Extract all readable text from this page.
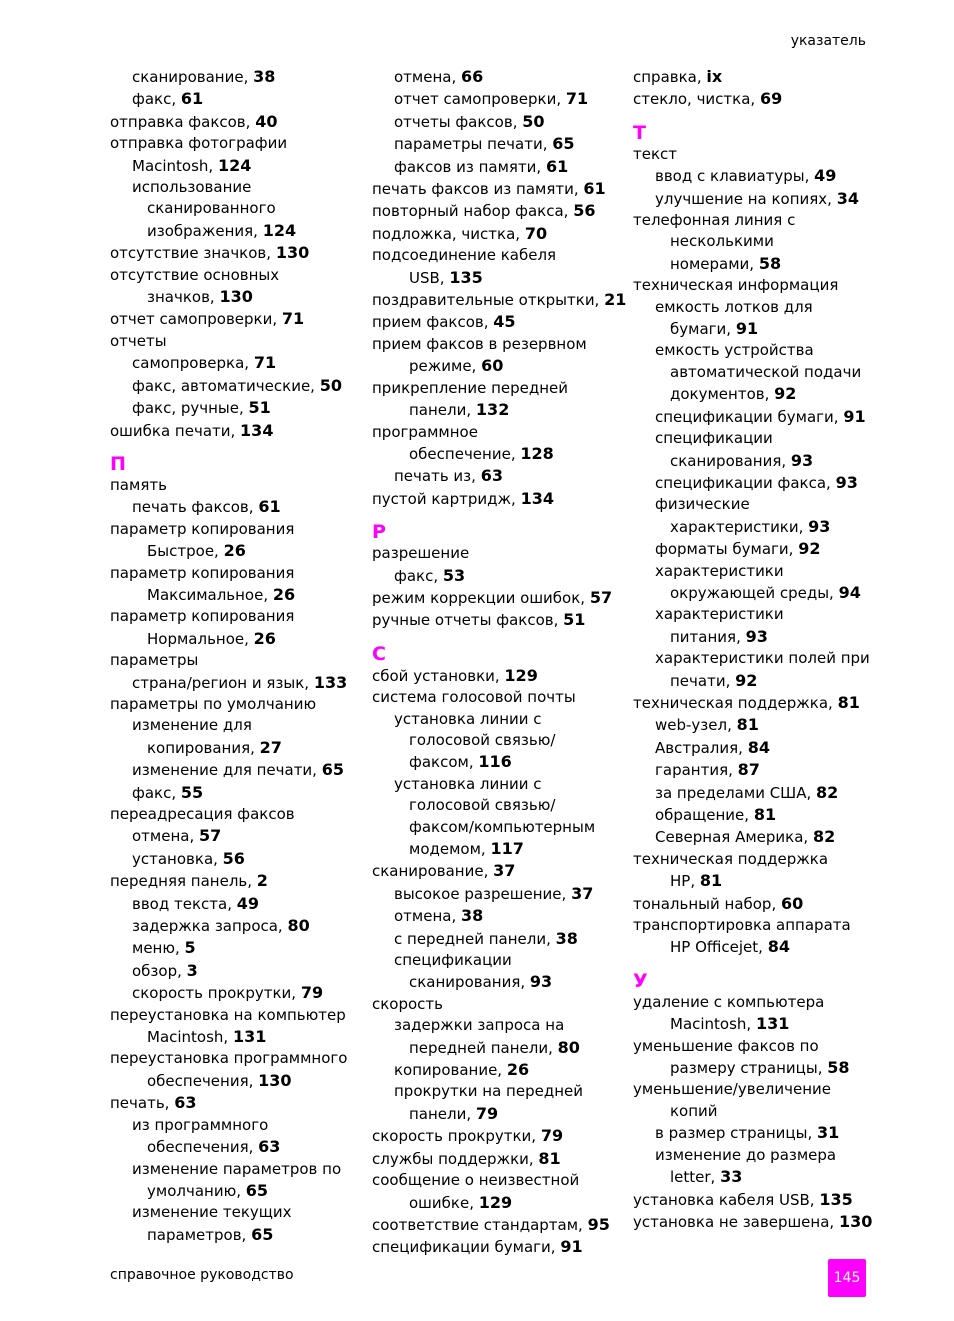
указатель
сканирование, 38
факс, 61
отправка факсов, 40
отправка фотографии
Macintosh, 124
использование
сканированного
изображения, 124
отсутствие значков, 130
отсутствие основных
значков, 130
отчет самопроверки, 71
отчеты
самопроверка, 71
факс, автоматические, 50
факс, ручные, 51
ошибка печати, 134
П
память
печать факсов, 61
параметр копирования
Быстрое, 26
параметр копирования
Максимальное, 26
параметр копирования
Нормальное, 26
параметры
страна/регион и язык, 133
параметры по умолчанию
изменение для
копирования, 27
изменение для печати, 65
факс, 55
переадресация факсов
отмена, 57
установка, 56
передняя панель, 2
ввод текста, 49
задержка запроса, 80
меню, 5
обзор, 3
скорость прокрутки, 79
переустановка на компьютер
Macintosh, 131
переустановка программного
обеспечения, 130
печать, 63
из программного
обеспечения, 63
изменение параметров по
умолчанию, 65
изменение текущих
параметров, 65
отмена, 66
отчет самопроверки, 71
отчеты факсов, 50
параметры печати, 65
факсов из памяти, 61
печать факсов из памяти, 61
повторный набор факса, 56
подложка, чистка, 70
подсоединение кабеля
USB, 135
поздравительные открытки, 21
прием факсов, 45
прием факсов в резервном
режиме, 60
прикрепление передней
панели, 132
программное
обеспечение, 128
печать из, 63
пустой картридж, 134
Р
разрешение
факс, 53
режим коррекции ошибок, 57
ручные отчеты факсов, 51
С
сбой установки, 129
система голосовой почты
установка линии с
голосовой связью/
факсом, 116
установка линии с
голосовой связью/
факсом/компьютерным
модемом, 117
сканирование, 37
высокое разрешение, 37
отмена, 38
с передней панели, 38
спецификации
сканирования, 93
скорость
задержки запроса на
передней панели, 80
копирование, 26
прокрутки на передней
панели, 79
скорость прокрутки, 79
службы поддержки, 81
сообщение о неизвестной
ошибке, 129
соответствие стандартам, 95
спецификации бумаги, 91
справка, ix
стекло, чистка, 69
Т
текст
ввод с клавиатуры, 49
улучшение на копиях, 34
телефонная линия с
несколькими
номерами, 58
техническая информация
емкость лотков для
бумаги, 91
емкость устройства
автоматической подачи
документов, 92
спецификации бумаги, 91
спецификации
сканирования, 93
спецификации факса, 93
физические
характеристики, 93
форматы бумаги, 92
характеристики
окружающей среды, 94
характеристики
питания, 93
характеристики полей при
печати, 92
техническая поддержка, 81
web-узел, 81
Австралия, 84
гарантия, 87
за пределами США, 82
обращение, 81
Северная Америка, 82
техническая поддержка
HP, 81
тональный набор, 60
транспортировка аппарата
HP Officejet, 84
У
удаление с компьютера
Macintosh, 131
уменьшение факсов по
размеру страницы, 58
уменьшение/увеличение
копий
в размер страницы, 31
изменение до размера
letter, 33
установка кабеля USB, 135
установка не завершена, 130
справочное руководство	145
